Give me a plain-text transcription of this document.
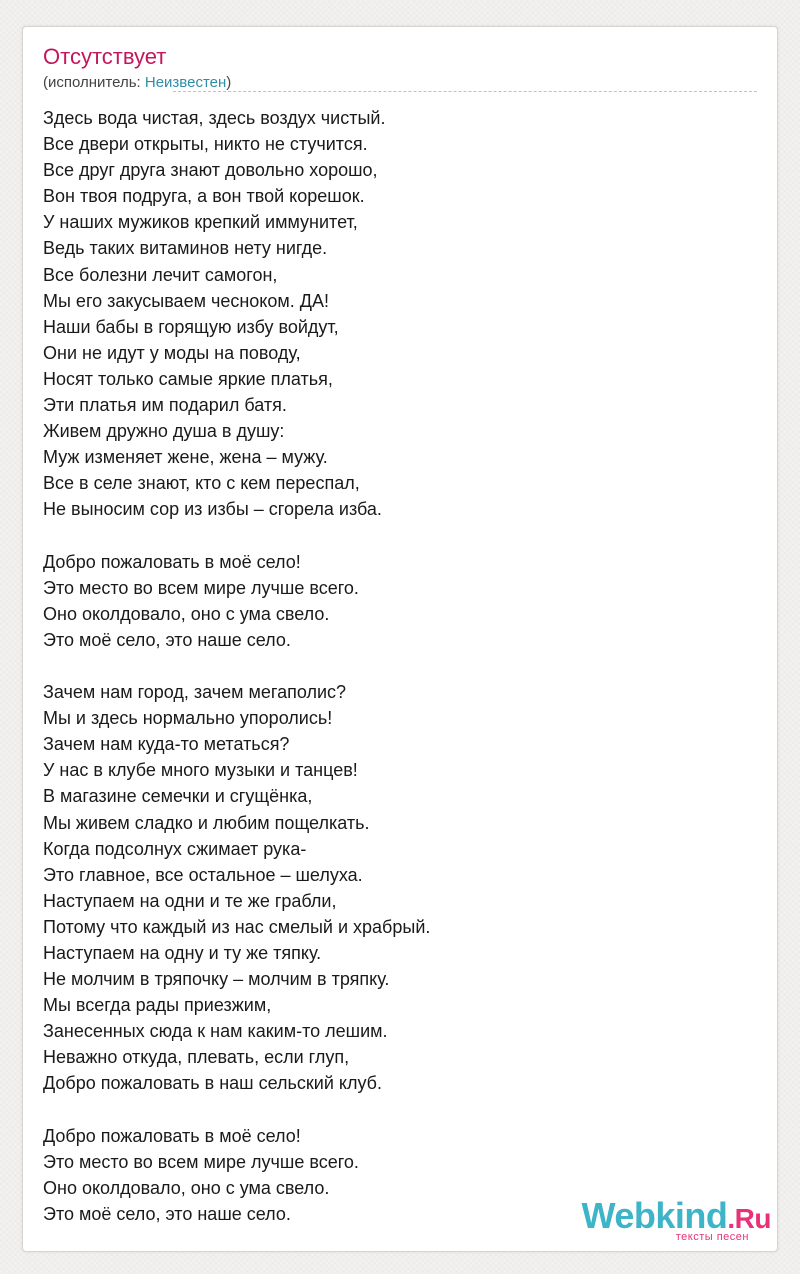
Отсутствует
(исполнитель: Неизвестен)
Здесь вода чистая, здесь воздух чистый.
Все двери открыты, никто не стучится.
Все друг друга знают довольно хорошо,
Вон твоя подруга, а вон твой корешок.
У наших мужиков крепкий иммунитет,
Ведь таких витаминов нету нигде.
Все болезни лечит самогон,
Мы его закусываем чесноком. ДА!
Наши бабы в горящую избу войдут,
Они не идут у моды на поводу,
Носят только самые яркие платья,
Эти платья им подарил батя.
Живем дружно душа в душу:
Муж изменяет жене, жена – мужу.
Все в селе знают, кто с кем переспал,
Не выносим сор из избы – сгорела изба.
Добро пожаловать в моё село!
Это место во всем мире лучше всего.
Оно околдовало, оно с ума свело.
Это моё село, это наше село.
Зачем нам город, зачем мегаполис?
Мы и здесь нормально упоролись!
Зачем нам куда-то метаться?
У нас в клубе много музыки и танцев!
В магазине семечки и сгущёнка,
Мы живем сладко и любим пощелкать.
Когда подсолнух сжимает рука-
Это главное, все остальное – шелуха.
Наступаем на одни и те же грабли,
Потому что каждый из нас смелый и храбрый.
Наступаем на одну и ту же тяпку.
Не молчим в тряпочку – молчим в тряпку.
Мы всегда рады приезжим,
Занесенных сюда к нам каким-то лешим.
Неважно откуда, плевать, если глуп,
Добро пожаловать в наш сельский клуб.
Добро пожаловать в моё село!
Это место во всем мире лучше всего.
Оно околдовало, оно с ума свело.
Это моё село, это наше село.	Webkind.Ru
тексты песен
